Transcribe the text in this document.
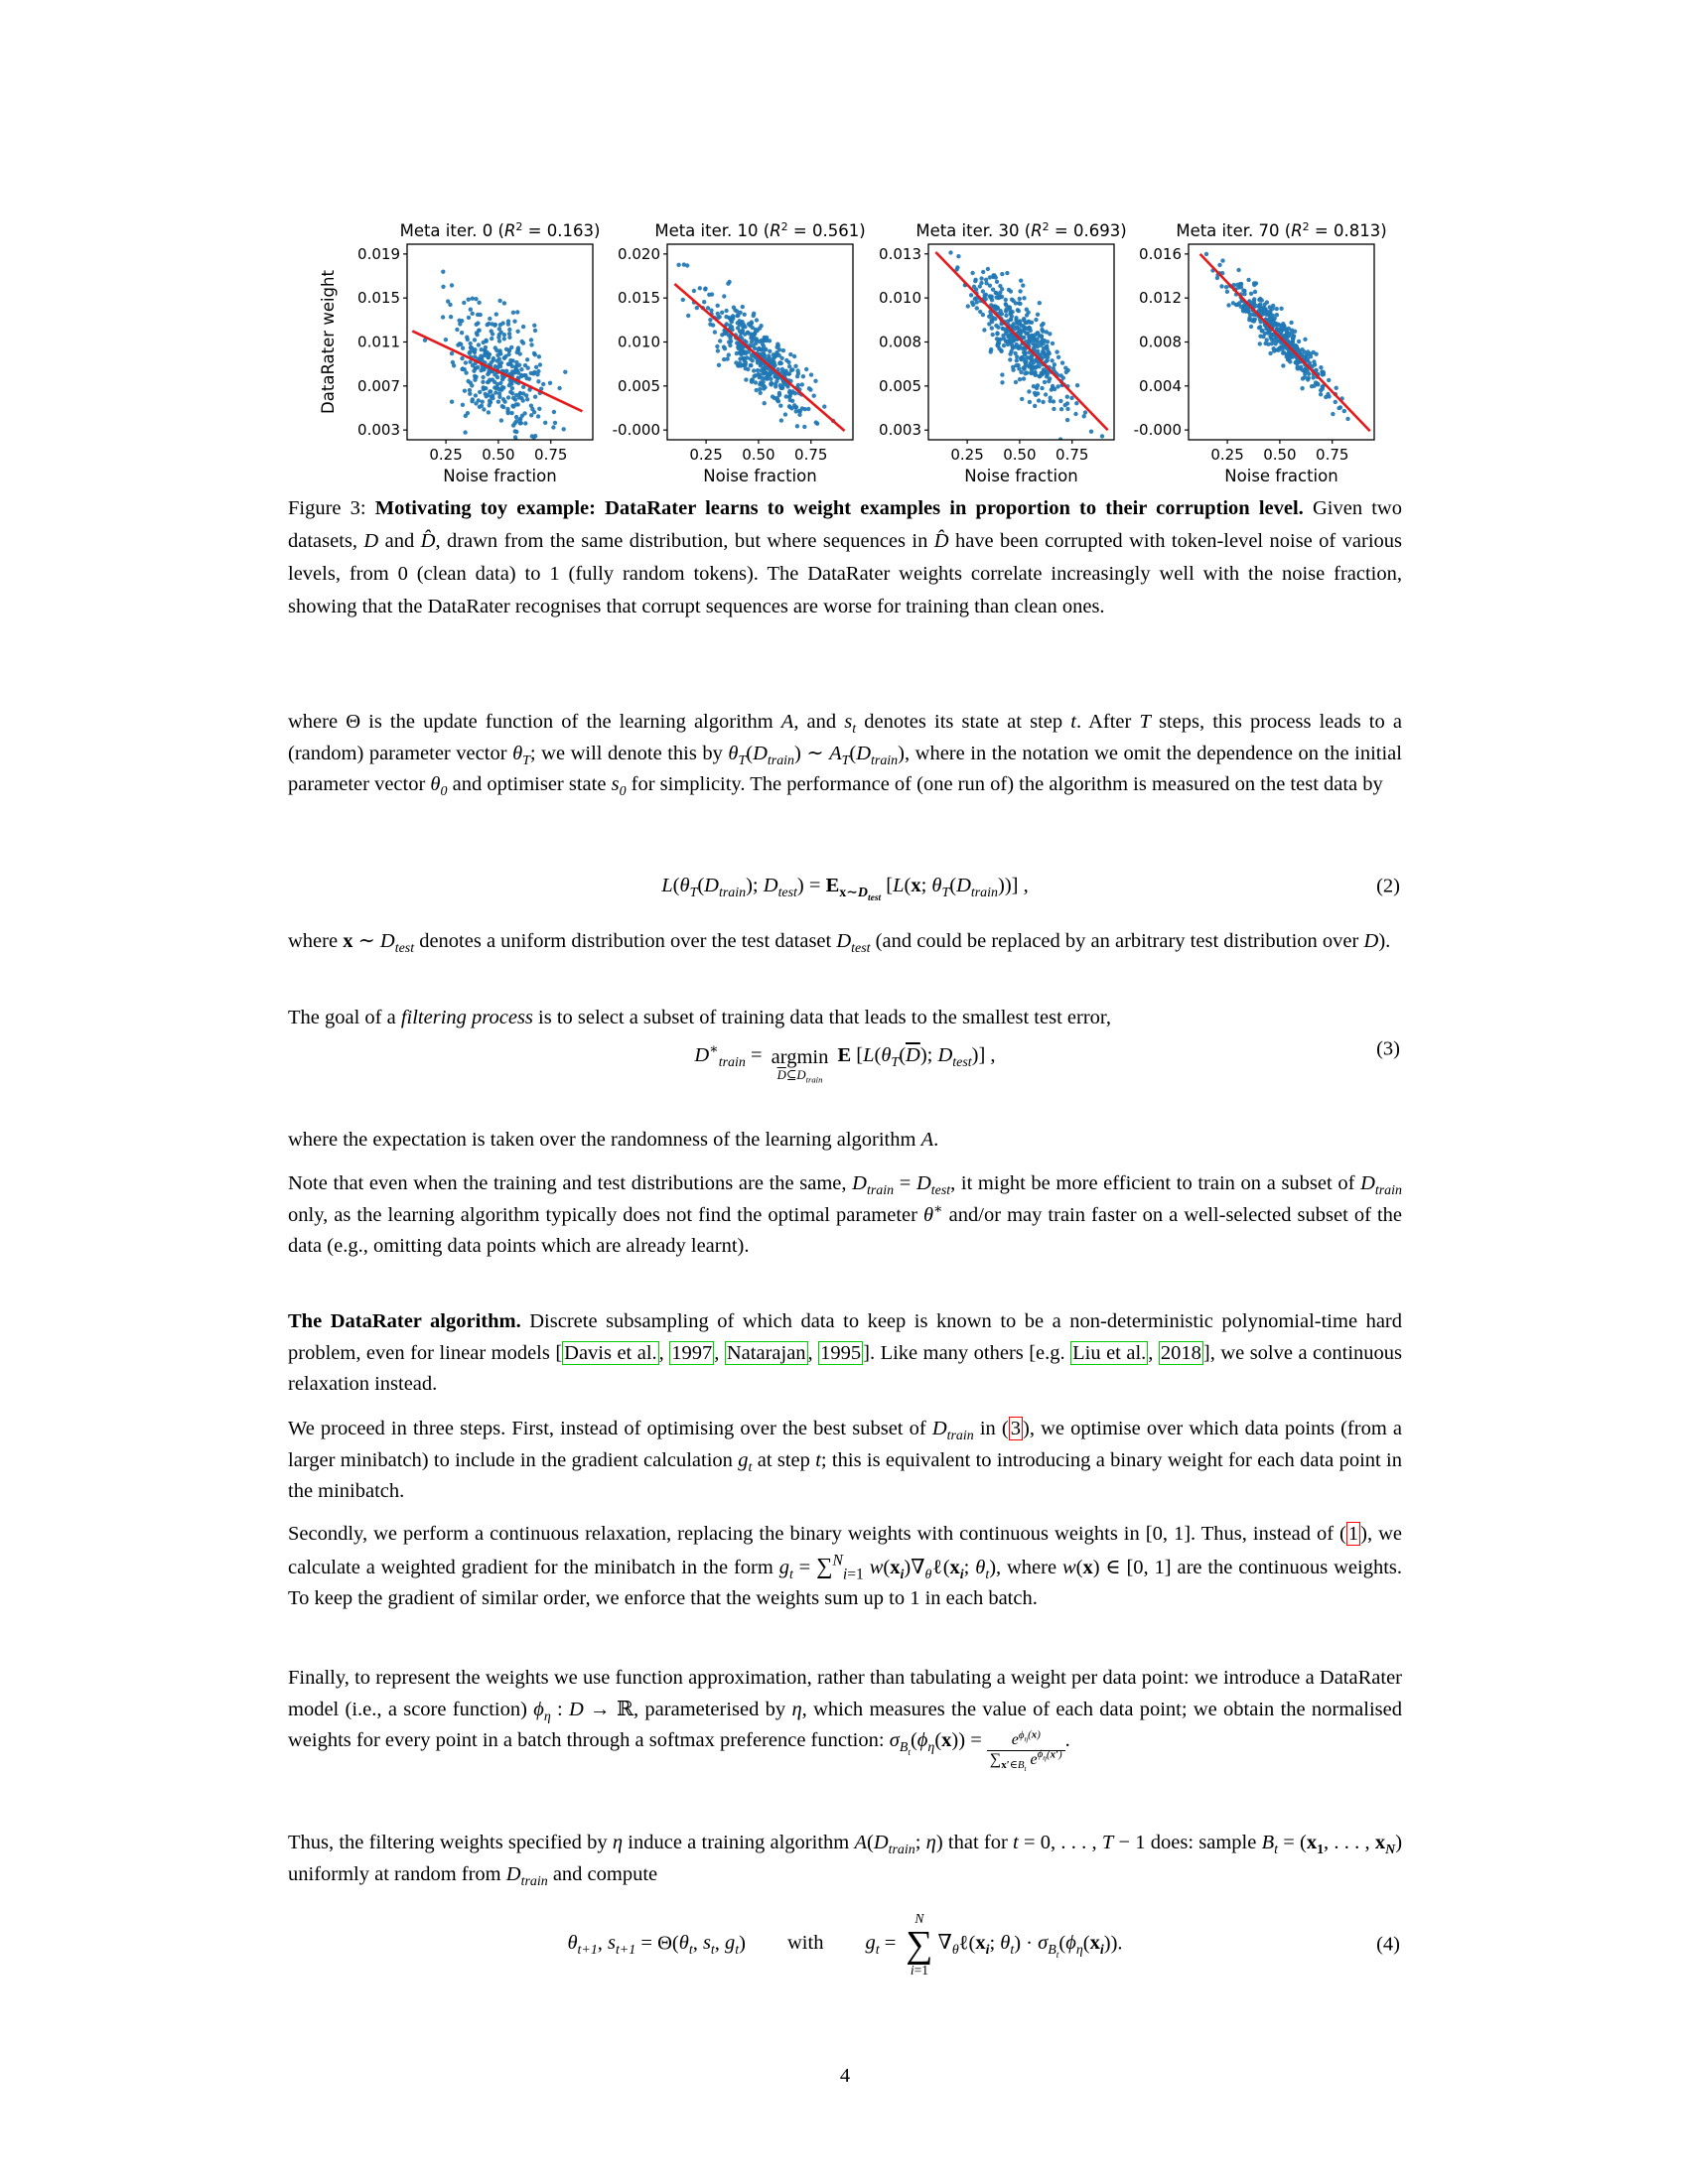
Meta iter. 0 $(R^2 = 0.163)$
0.019
0.015
0.011
0.007
0.003
0.25 0.50 0.75
Noise fraction
Meta iter. 10 $(R^2 = 0.561)$
0.020
0.015
0.010
0.005
-0.000
0.25 0.50 0.75
Noise fraction
Meta iter. 30 $(R^2 = 0.693)$
0.013
0.010
0.008
0.005
0.003
0.25 0.50 0.75
Noise fraction
Meta iter. 70 $(R^2 = 0.813)$
0.016
0.012
0.008
0.004
-0.000
0.25 0.50 0.75
Noise fraction
DataRater weight
Figure 3: Motivating toy example: DataRater learns to weight examples in proportion to their corruption level. Given two datasets, D and D̂, drawn from the same distribution, but where sequences in D̂ have been corrupted with token-level noise of various levels, from 0 (clean data) to 1 (fully random tokens). The DataRater weights correlate increasingly well with the noise fraction, showing that the DataRater recognises that corrupt sequences are worse for training than clean ones.
where Θ is the update function of the learning algorithm A, and $s_t$ denotes its state at step t. After T steps, this process leads to a (random) parameter vector $\theta_T$; we will denote this by $\theta_T(D_{train})$ ∼ $A_T(D_{train})$, where in the notation we omit the dependence on the initial parameter vector $\theta_0$ and optimiser state $s_0$ for simplicity. The performance of (one run of) the algorithm is measured on the test data by
where x ∼ $D_{test}$ denotes a uniform distribution over the test dataset $D_{test}$ (and could be replaced by an arbitrary test distribution over D).
The goal of a filtering process is to select a subset of training data that leads to the smallest test error,
where the expectation is taken over the randomness of the learning algorithm A.
Note that even when the training and test distributions are the same, $D_{train} = D_{test}$, it might be more efficient to train on a subset of $D_{train}$ only, as the learning algorithm typically does not find the optimal parameter θ∗ and/or may train faster on a well-selected subset of the data (e.g., omitting data points which are already learnt).
The DataRater algorithm. Discrete subsampling of which data to keep is known to be a non-deterministic polynomial-time hard problem, even for linear models [Davis et al., 1997, Natarajan, 1995]. Like many others [e.g. Liu et al., 2018], we solve a continuous relaxation instead.
We proceed in three steps. First, instead of optimising over the best subset of $D_{train}$ in (3), we optimise over which data points (from a larger minibatch) to include in the gradient calculation $g_t$ at step t; this is equivalent to introducing a binary weight for each data point in the minibatch.
Secondly, we perform a continuous relaxation, replacing the binary weights with continuous weights in [0, 1]. Thus, instead of (1), we calculate a weighted gradient for the minibatch in the form $g_t = \sum^N_{i=1}$ $w(x_i)\nabla_\theta\ell(x_i$; $\theta_t$), where w(x) ∈ [0, 1] are the continuous weights. To keep the gradient of similar order, we enforce that the weights sum up to 1 in each batch.
Finally, to represent the weights we use function approximation, rather than tabulating a weight per data point: we introduce a DataRater model (i.e., a score function) $\phi_\eta$ : D → ℝ, parameterised by η, which measures the value of each data point; we obtain the normalised weights for every point in a batch through a softmax preference function: $\sigma_{B_t}(\phi_\eta(x)) = \frac{e^{\phi_\eta(x)}}{\sum_{x'\in B_t} e^{\phi_\eta(x')}}$ .
Thus, the filtering weights specified by η induce a training algorithm $A(D_{train}$; η) that for t = 0, . . . , T − 1 does: sample $B_t = (x_1$, . . . , $x_N$) uniformly at random from $D_{train}$ and compute
$L(\theta_T(D_{train})$; $D_{test}) = E_{x\sim D_{test}}$ [L(x; $\theta_T(D_{train})$)] ,	(2)
$D^∗_{train} = argmin$
$\overline{D}⊆D_{train}$
E [$L(\theta_T(\overline{D})$; $D_{test}$)] ,	(3)
$\theta_{t+1}$, $s_{t+1} = \Theta(\theta_t$, $s_t$, $g_t$) with $g_t$ =
N
∑
i=1
$\nabla_\theta\ell(x_i$; $\theta_t) \cdot \sigma_{B_t}(\phi_\eta(x_i))$.	(4)
4
